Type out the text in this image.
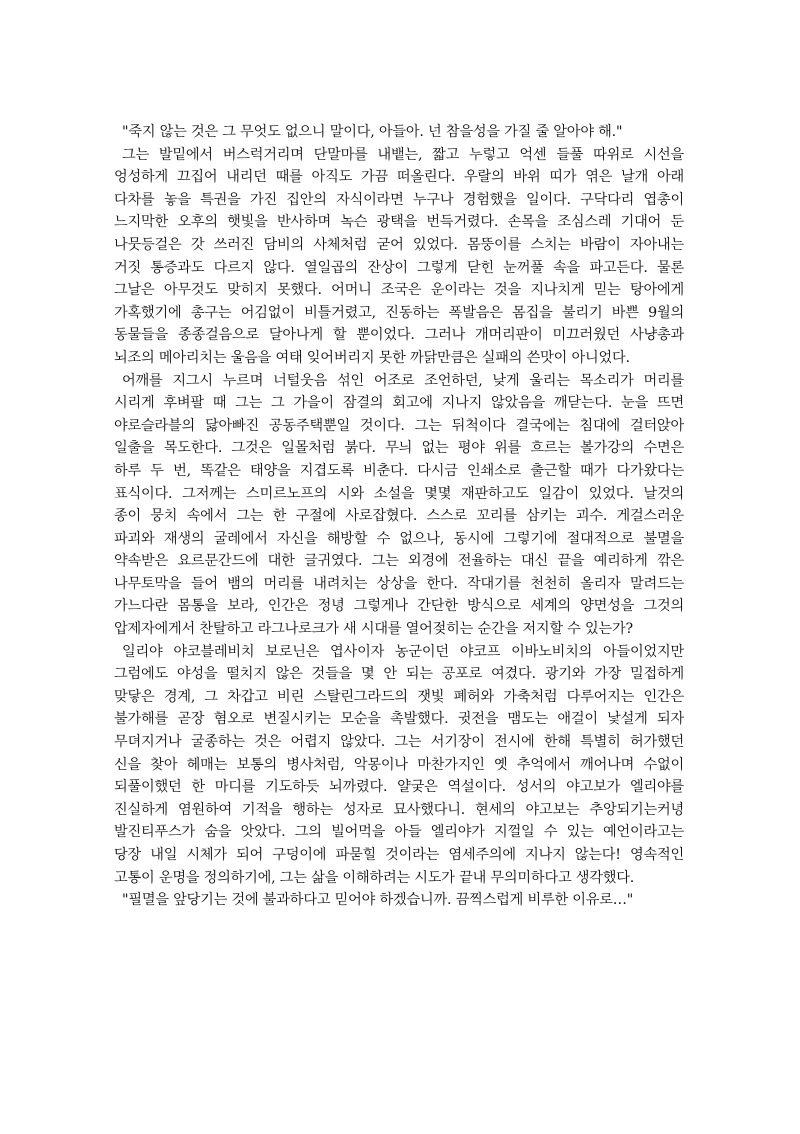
"죽지 않는 것은 그 무엇도 없으니 말이다, 아들아. 넌 참을성을 가질 줄 알아야 해."
그는 발밑에서 버스럭거리며 단말마를 내뱉는, 짧고 누렇고 억센 들풀 따위로 시선을
엉성하게 끄집어 내리던 때를 아직도 가끔 떠올린다. 우랄의 바위 띠가 엮은 날개 아래
다차를 놓을 특권을 가진 집안의 자식이라면 누구나 경험했을 일이다. 구닥다리 엽총이
느지막한 오후의 햇빛을 반사하며 녹슨 광택을 번득거렸다. 손목을 조심스레 기대어 둔
나뭇등걸은 갓 쓰러진 담비의 사체처럼 굳어 있었다. 몸뚱이를 스치는 바람이 자아내는
거짓 통증과도 다르지 않다. 열일곱의 잔상이 그렇게 닫힌 눈꺼풀 속을 파고든다. 물론
그날은 아무것도 맞히지 못했다. 어머니 조국은 운이라는 것을 지나치게 믿는 탕아에게
가혹했기에 총구는 어김없이 비틀거렸고, 진동하는 폭발음은 몸집을 불리기 바쁜 9월의
동물들을 종종걸음으로 달아나게 할 뿐이었다. 그러나 개머리판이 미끄러웠던 사냥총과
뇌조의 메아리치는 울음을 여태 잊어버리지 못한 까닭만큼은 실패의 쓴맛이 아니었다.
어깨를 지그시 누르며 너털웃음 섞인 어조로 조언하던, 낮게 울리는 목소리가 머리를
시리게 후벼팔 때 그는 그 가을이 잠결의 회고에 지나지 않았음을 깨닫는다. 눈을 뜨면
야로슬라블의 닳아빠진 공동주택뿐일 것이다. 그는 뒤척이다 결국에는 침대에 걸터앉아
일출을 목도한다. 그것은 일몰처럼 붉다. 무늬 없는 평야 위를 흐르는 볼가강의 수면은
하루 두 번, 똑같은 태양을 지겹도록 비춘다. 다시금 인쇄소로 출근할 때가 다가왔다는
표식이다. 그저께는 스미르노프의 시와 소설을 몇몇 재판하고도 일감이 있었다. 날것의
종이 뭉치 속에서 그는 한 구절에 사로잡혔다. 스스로 꼬리를 삼키는 괴수. 게걸스러운
파괴와 재생의 굴레에서 자신을 해방할 수 없으나, 동시에 그렇기에 절대적으로 불멸을
약속받은 요르문간드에 대한 글귀였다. 그는 외경에 전율하는 대신 끝을 예리하게 깎은
나무토막을 들어 뱀의 머리를 내려치는 상상을 한다. 작대기를 천천히 올리자 말려드는
가느다란 몸통을 보라, 인간은 정녕 그렇게나 간단한 방식으로 세계의 양면성을 그것의
압제자에게서 찬탈하고 라그나로크가 새 시대를 열어젖히는 순간을 저지할 수 있는가?
일리야 야코블레비치 보로닌은 엽사이자 농군이던 야코프 이바노비치의 아들이었지만
그럼에도 야성을 떨치지 않은 것들을 몇 안 되는 공포로 여겼다. 광기와 가장 밀접하게
맞닿은 경계, 그 차갑고 비린 스탈린그라드의 잿빛 폐허와 가축처럼 다루어지는 인간은
불가해를 곧장 혐오로 변질시키는 모순을 촉발했다. 귓전을 맴도는 애걸이 낯설게 되자
무뎌지거나 굴종하는 것은 어렵지 않았다. 그는 서기장이 전시에 한해 특별히 허가했던
신을 찾아 헤매는 보통의 병사처럼, 악몽이나 마찬가지인 옛 추억에서 깨어나며 수없이
되풀이했던 한 마디를 기도하듯 뇌까렸다. 얄궂은 역설이다. 성서의 야고보가 엘리야를
진실하게 염원하여 기적을 행하는 성자로 묘사했다니. 현세의 야고보는 추앙되기는커녕
발진티푸스가 숨을 앗았다. 그의 빌어먹을 아들 엘리야가 지껄일 수 있는 예언이라고는
당장 내일 시체가 되어 구덩이에 파묻힐 것이라는 염세주의에 지나지 않는다! 영속적인
고통이 운명을 정의하기에, 그는 삶을 이해하려는 시도가 끝내 무의미하다고 생각했다.
"필멸을 앞당기는 것에 불과하다고 믿어야 하겠습니까. 끔찍스럽게 비루한 이유로…"
